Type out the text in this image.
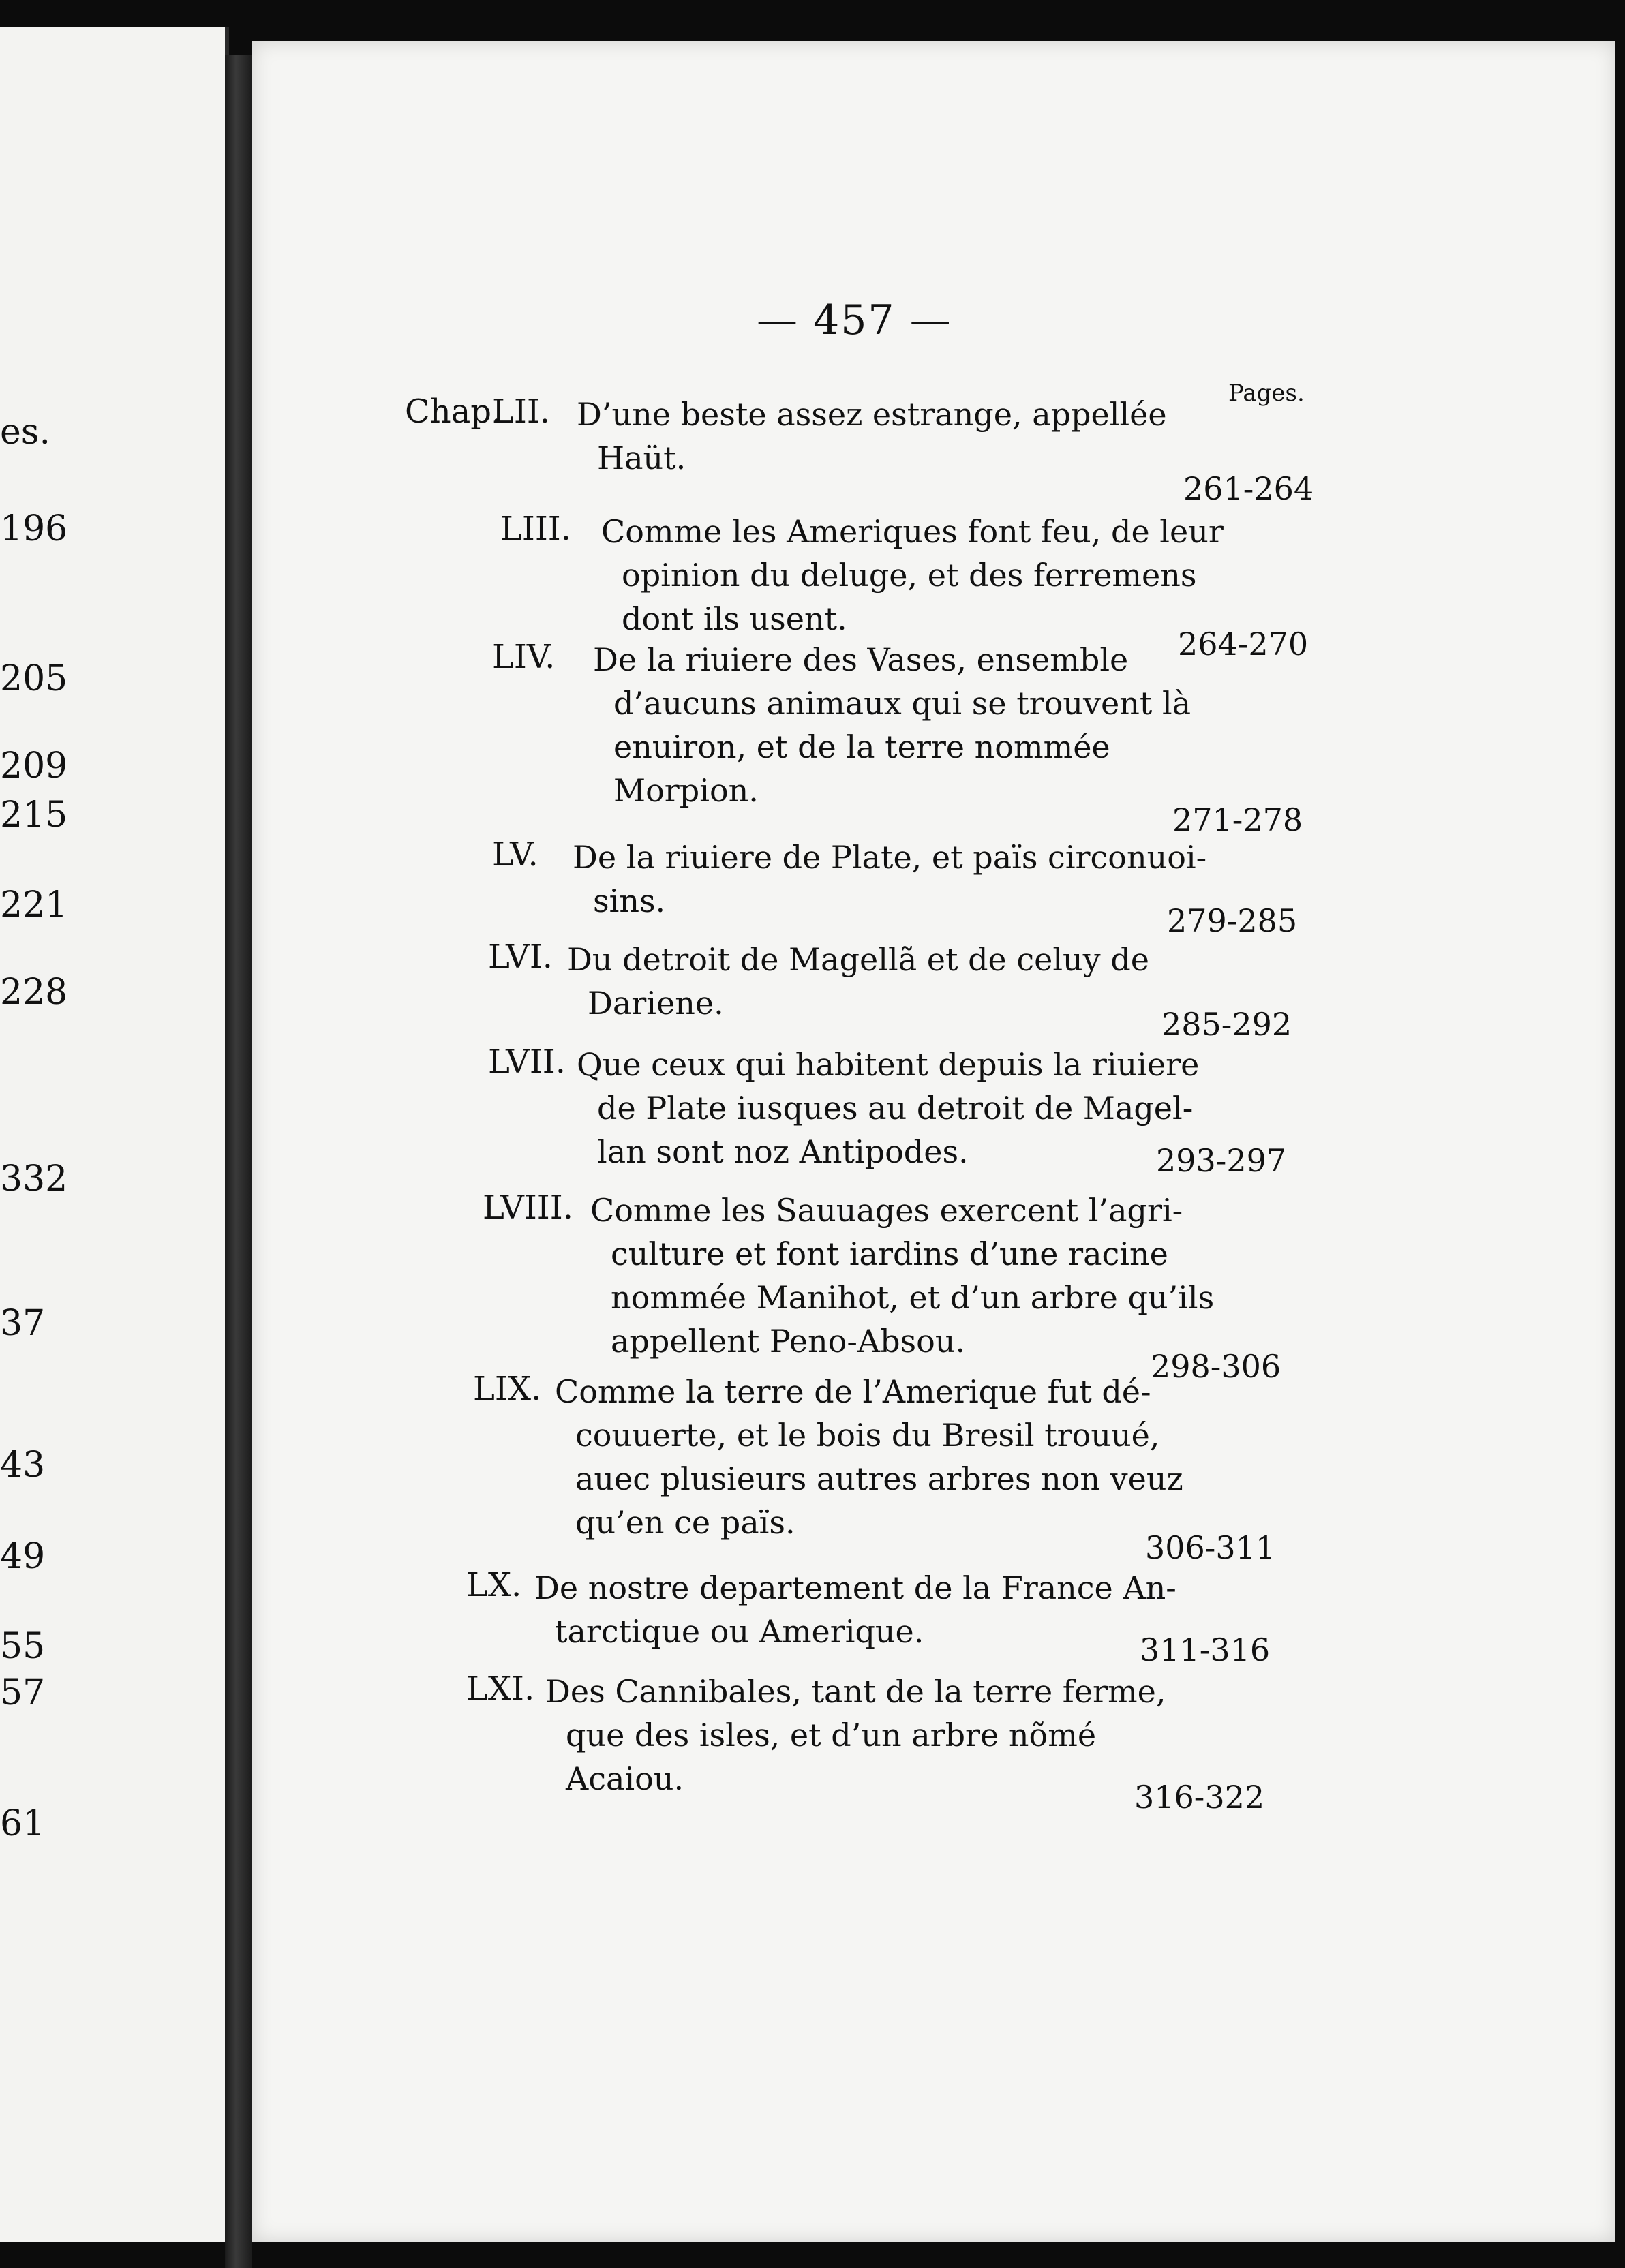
es.
196
205
209
215
221
228
332
37
43
49
55
57
61
— 457 —
Pages.
Chap.
LII. D’une beste assez estrange, appellée
Haüt.
261-264
LIII. Comme les Ameriques font feu, de leur
opinion du deluge, et des ferremens
dont ils usent.
264-270
LIV. De la riuiere des Vases, ensemble
d’aucuns animaux qui se trouvent là
enuiron, et de la terre nommée
Morpion.
271-278
LV. De la riuiere de Plate, et païs circonuoi-
sins.
279-285
LVI. Du detroit de Magellã et de celuy de
Dariene.
285-292
LVII. Que ceux qui habitent depuis la riuiere
de Plate iusques au detroit de Magel-
lan sont noz Antipodes.	293-297
LVIII. Comme les Sauuages exercent l’agri-
culture et font iardins d’une racine
nommée Manihot, et d’un arbre qu’ils
appellent Peno-Absou.
298-306
LIX. Comme la terre de l’Amerique fut dé-
couuerte, et le bois du Bresil trouué,
auec plusieurs autres arbres non veuz
qu’en ce païs.
306-311
LX. De nostre departement de la France An-
tarctique ou Amerique.	311-316
LXI. Des Cannibales, tant de la terre ferme,
que des isles, et d’un arbre nõmé
Acaiou.	316-322
